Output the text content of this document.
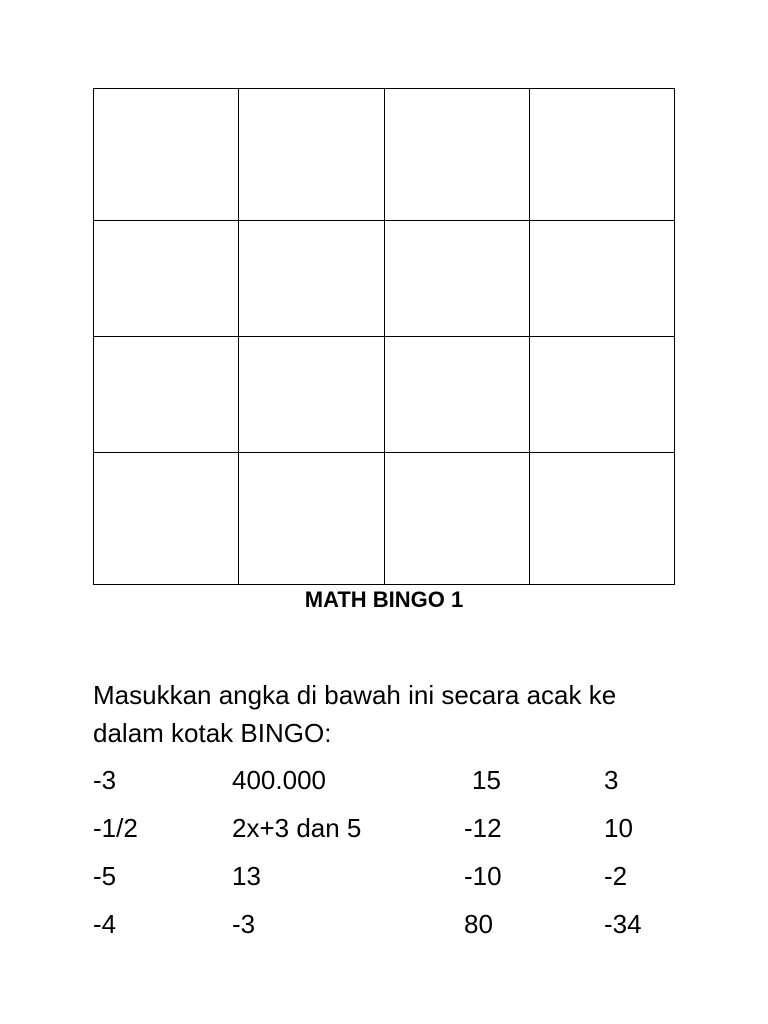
MATH BINGO 1
Masukkan angka di bawah ini secara acak ke dalam kotak BINGO:
-3	400.000	15	3
-1/2	2x+3 dan 5	-12	10
-5	13	-10	-2
-4	-3	80	-34
